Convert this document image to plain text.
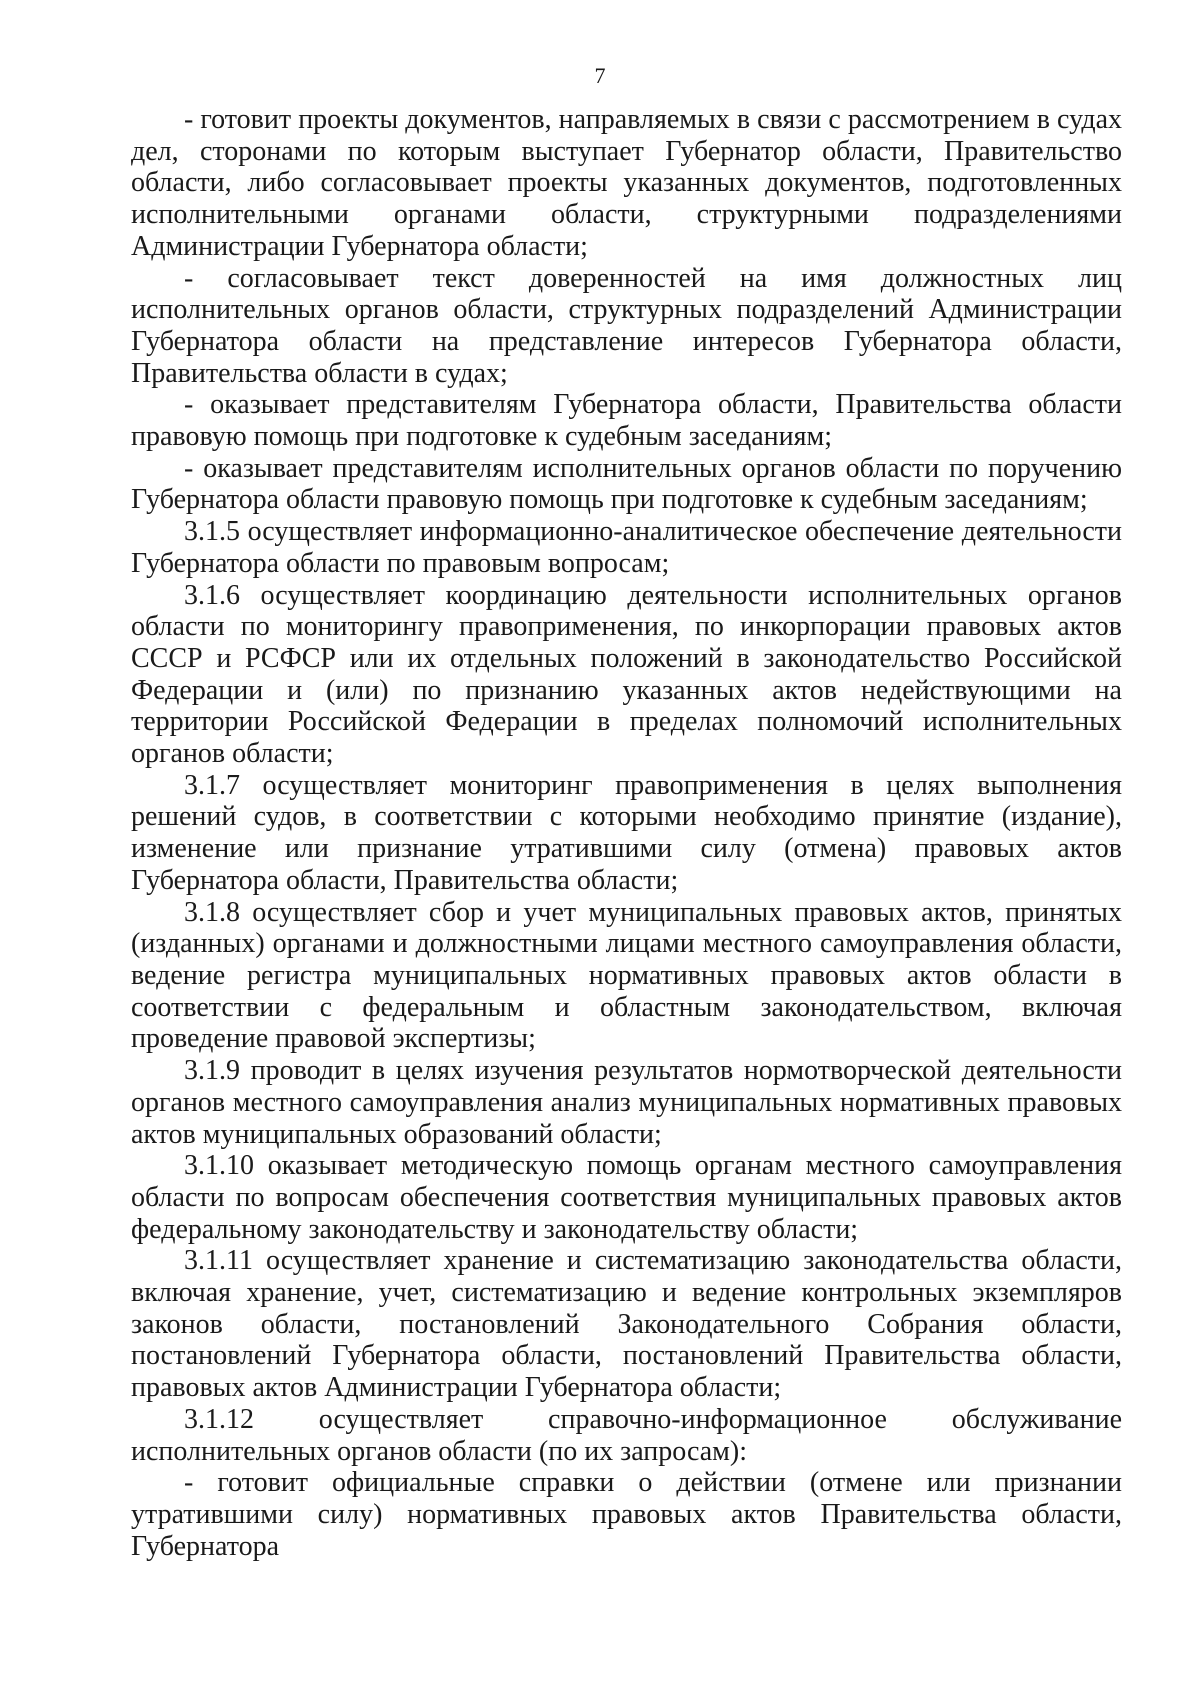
7

- готовит проекты документов, направляемых в связи с рассмотрением в судах дел, сторонами по которым выступает Губернатор области, Правительство области, либо согласовывает проекты указанных документов, подготовленных исполнительными органами области, структурными подразделениями Администрации Губернатора области;

- согласовывает текст доверенностей на имя должностных лиц исполнительных органов области, структурных подразделений Администрации Губернатора области на представление интересов Губернатора области, Правительства области в судах;

- оказывает представителям Губернатора области, Правительства области правовую помощь при подготовке к судебным заседаниям;

- оказывает представителям исполнительных органов области по поручению Губернатора области правовую помощь при подготовке к судебным заседаниям;

3.1.5 осуществляет информационно-аналитическое обеспечение деятельности Губернатора области по правовым вопросам;

3.1.6 осуществляет координацию деятельности исполнительных органов области по мониторингу правоприменения, по инкорпорации правовых актов СССР и РСФСР или их отдельных положений в законодательство Российской Федерации и (или) по признанию указанных актов недействующими на территории Российской Федерации в пределах полномочий исполнительных органов области;

3.1.7 осуществляет мониторинг правоприменения в целях выполнения решений судов, в соответствии с которыми необходимо принятие (издание), изменение или признание утратившими силу (отмена) правовых актов Губернатора области, Правительства области;

3.1.8 осуществляет сбор и учет муниципальных правовых актов, принятых (изданных) органами и должностными лицами местного самоуправления области, ведение регистра муниципальных нормативных правовых актов области в соответствии с федеральным и областным законодательством, включая проведение правовой экспертизы;

3.1.9 проводит в целях изучения результатов нормотворческой деятельности органов местного самоуправления анализ муниципальных нормативных правовых актов муниципальных образований области;

3.1.10 оказывает методическую помощь органам местного самоуправления области по вопросам обеспечения соответствия муниципальных правовых актов федеральному законодательству и законодательству области;

3.1.11 осуществляет хранение и систематизацию законодательства области, включая хранение, учет, систематизацию и ведение контрольных экземпляров законов области, постановлений Законодательного Собрания области, постановлений Губернатора области, постановлений Правительства области, правовых актов Администрации Губернатора области;

3.1.12 осуществляет справочно-информационное обслуживание исполнительных органов области (по их запросам):

- готовит официальные справки о действии (отмене или признании утратившими силу) нормативных правовых актов Правительства области, Губернатора
